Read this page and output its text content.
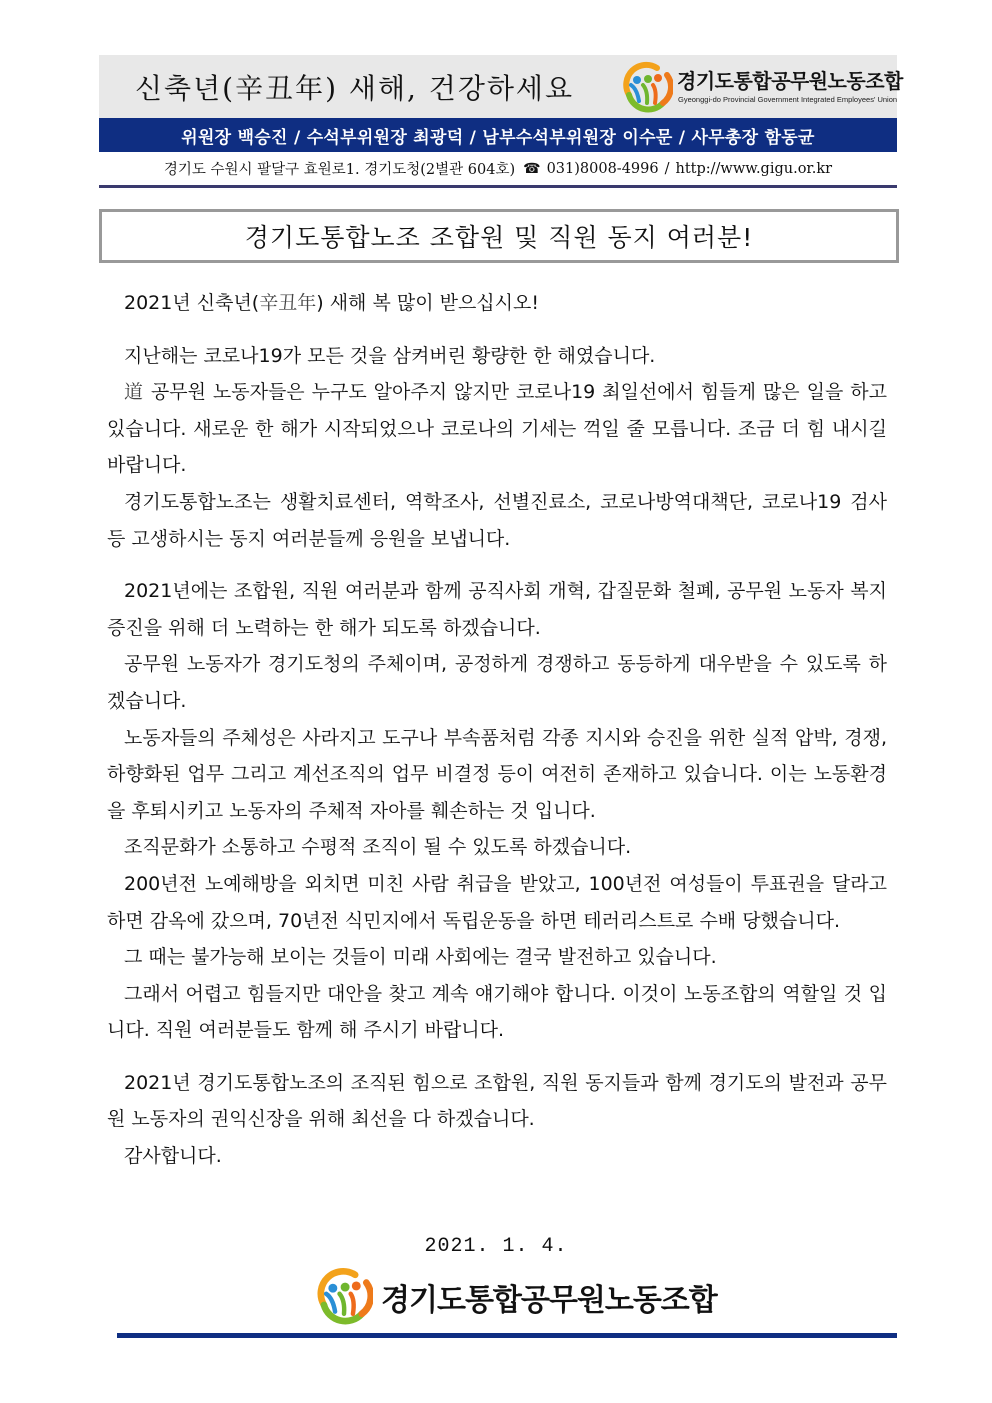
신축년(辛丑年) 새해, 건강하세요	경기도통합공무원노동조합
Gyeonggi-do Provincial Government Integrated Employees' Union
위원장 백승진 / 수석부위원장 최광덕 / 남부수석부위원장 이수문 / 사무총장 함동균
경기도 수원시 팔달구 효원로1. 경기도청(2별관 604호) ☎ 031)8008-4996 / http://www.gigu.or.kr
경기도통합노조 조합원 및 직원 동지 여러분!

2021년 신축년(辛丑年) 새해 복 많이 받으십시오!

지난해는 코로나19가 모든 것을 삼켜버린 황량한 한 해였습니다.

道 공무원 노동자들은 누구도 알아주지 않지만 코로나19 최일선에서 힘들게 많은 일을 하고 있습니다. 새로운 한 해가 시작되었으나 코로나의 기세는 꺽일 줄 모릅니다. 조금 더 힘 내시길 바랍니다.

경기도통합노조는 생활치료센터, 역학조사, 선별진료소, 코로나방역대책단, 코로나19 검사 등 고생하시는 동지 여러분들께 응원을 보냅니다.

2021년에는 조합원, 직원 여러분과 함께 공직사회 개혁, 갑질문화 철폐, 공무원 노동자 복지증진을 위해 더 노력하는 한 해가 되도록 하겠습니다.

공무원 노동자가 경기도청의 주체이며, 공정하게 경쟁하고 동등하게 대우받을 수 있도록 하겠습니다.

노동자들의 주체성은 사라지고 도구나 부속품처럼 각종 지시와 승진을 위한 실적 압박, 경쟁, 하향화된 업무 그리고 계선조직의 업무 비결정 등이 여전히 존재하고 있습니다. 이는 노동환경을 후퇴시키고 노동자의 주체적 자아를 훼손하는 것 입니다.

조직문화가 소통하고 수평적 조직이 될 수 있도록 하겠습니다.

200년전 노예해방을 외치면 미친 사람 취급을 받았고, 100년전 여성들이 투표권을 달라고 하면 감옥에 갔으며, 70년전 식민지에서 독립운동을 하면 테러리스트로 수배 당했습니다.

그 때는 불가능해 보이는 것들이 미래 사회에는 결국 발전하고 있습니다.

그래서 어렵고 힘들지만 대안을 찾고 계속 얘기해야 합니다. 이것이 노동조합의 역할일 것 입니다. 직원 여러분들도 함께 해 주시기 바랍니다.

2021년 경기도통합노조의 조직된 힘으로 조합원, 직원 동지들과 함께 경기도의 발전과 공무원 노동자의 권익신장을 위해 최선을 다 하겠습니다.

감사합니다.

2021. 1. 4.
경기도통합공무원노동조합
